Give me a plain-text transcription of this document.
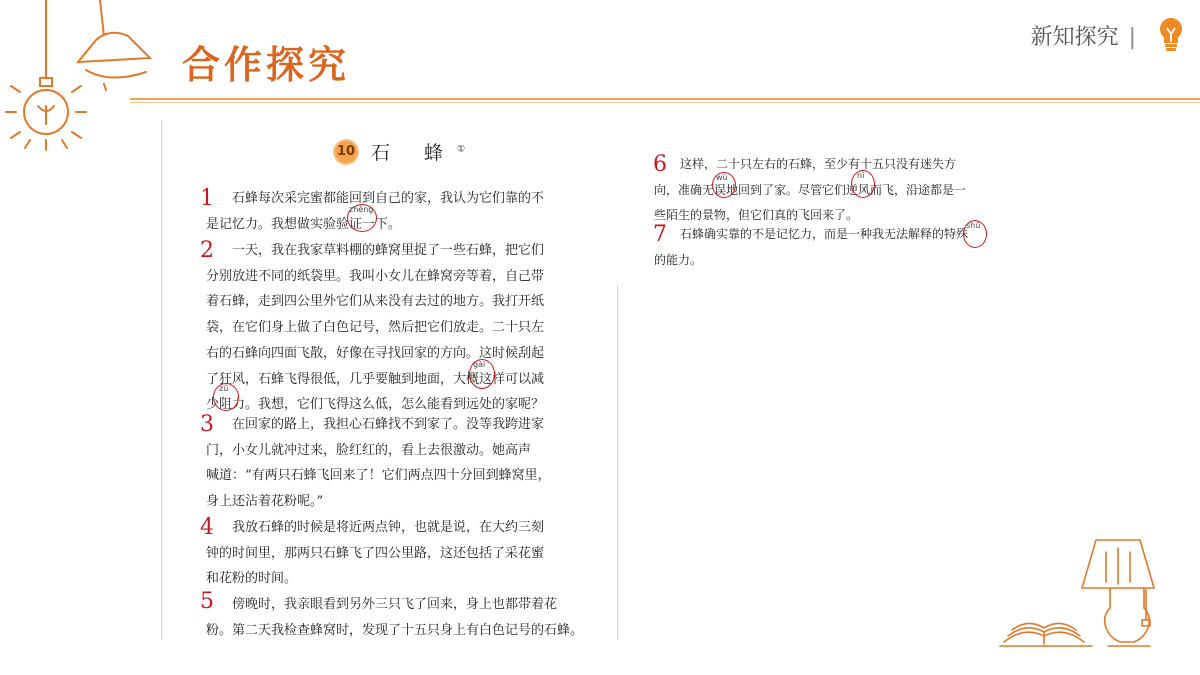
合作探究
新知探究 |
10 石 蜂①
1
2
3
4
5
6
7
石蜂每次采完蜜都能回到自己的家，我认为它们靠的不
是记忆力。我想做实验验证一下。
一天，我在我家草料棚的蜂窝里捉了一些石蜂，把它们
分别放进不同的纸袋里。我叫小女儿在蜂窝旁等着，自己带
着石蜂，走到四公里外它们从来没有去过的地方。我打开纸
袋，在它们身上做了白色记号，然后把它们放走。二十只左
右的石蜂向四面飞散，好像在寻找回家的方向。这时候刮起
了狂风，石蜂飞得很低，几乎要触到地面，大概这样可以减
少阻力。我想，它们飞得这么低，怎么能看到远处的家呢？
在回家的路上，我担心石蜂找不到家了。没等我跨进家
门，小女儿就冲过来，脸红红的，看上去很激动。她高声
喊道：“有两只石蜂飞回来了！它们两点四十分回到蜂窝里，
身上还沾着花粉呢。”
我放石蜂的时候是将近两点钟，也就是说，在大约三刻
钟的时间里，那两只石蜂飞了四公里路，这还包括了采花蜜
和花粉的时间。
傍晚时，我亲眼看到另外三只飞了回来，身上也都带着花
粉。第二天我检查蜂窝时，发现了十五只身上有白色记号的石蜂。
这样，二十只左右的石蜂，至少有十五只没有迷失方
向，准确无误地回到了家。尽管它们逆风而飞，沿途都是一
些陌生的景物，但它们真的飞回来了。
石蜂确实靠的不是记忆力，而是一种我无法解释的特殊
的能力。
zhèng
gài
zǔ
wù	nì
shū
